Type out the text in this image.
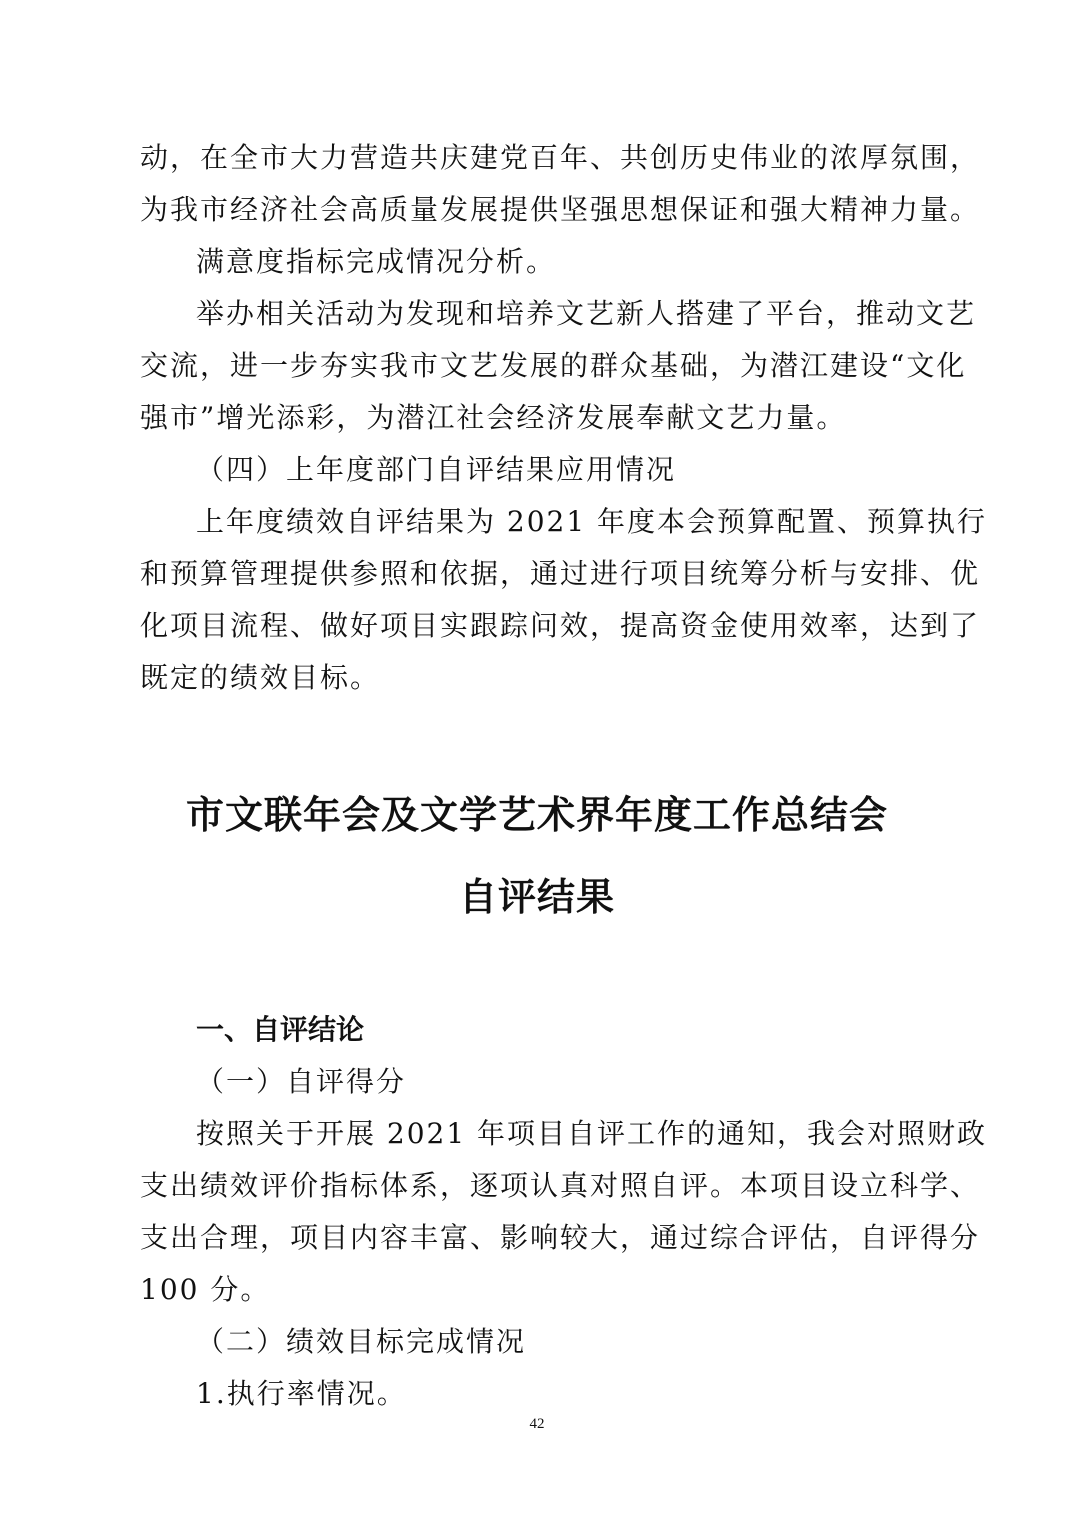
动，在全市大力营造共庆建党百年、共创历史伟业的浓厚氛围，
为我市经济社会高质量发展提供坚强思想保证和强大精神力量。
满意度指标完成情况分析。
举办相关活动为发现和培养文艺新人搭建了平台，推动文艺
交流，进一步夯实我市文艺发展的群众基础，为潜江建设“文化
强市”增光添彩，为潜江社会经济发展奉献文艺力量。
（四）上年度部门自评结果应用情况
上年度绩效自评结果为 2021 年度本会预算配置、预算执行
和预算管理提供参照和依据，通过进行项目统筹分析与安排、优
化项目流程、做好项目实跟踪问效，提高资金使用效率，达到了
既定的绩效目标。
市文联年会及文学艺术界年度工作总结会
自评结果
一、自评结论
（一）自评得分
按照关于开展 2021 年项目自评工作的通知，我会对照财政
支出绩效评价指标体系，逐项认真对照自评。本项目设立科学、
支出合理，项目内容丰富、影响较大，通过综合评估，自评得分
100 分。
（二）绩效目标完成情况
1.执行率情况。
42
